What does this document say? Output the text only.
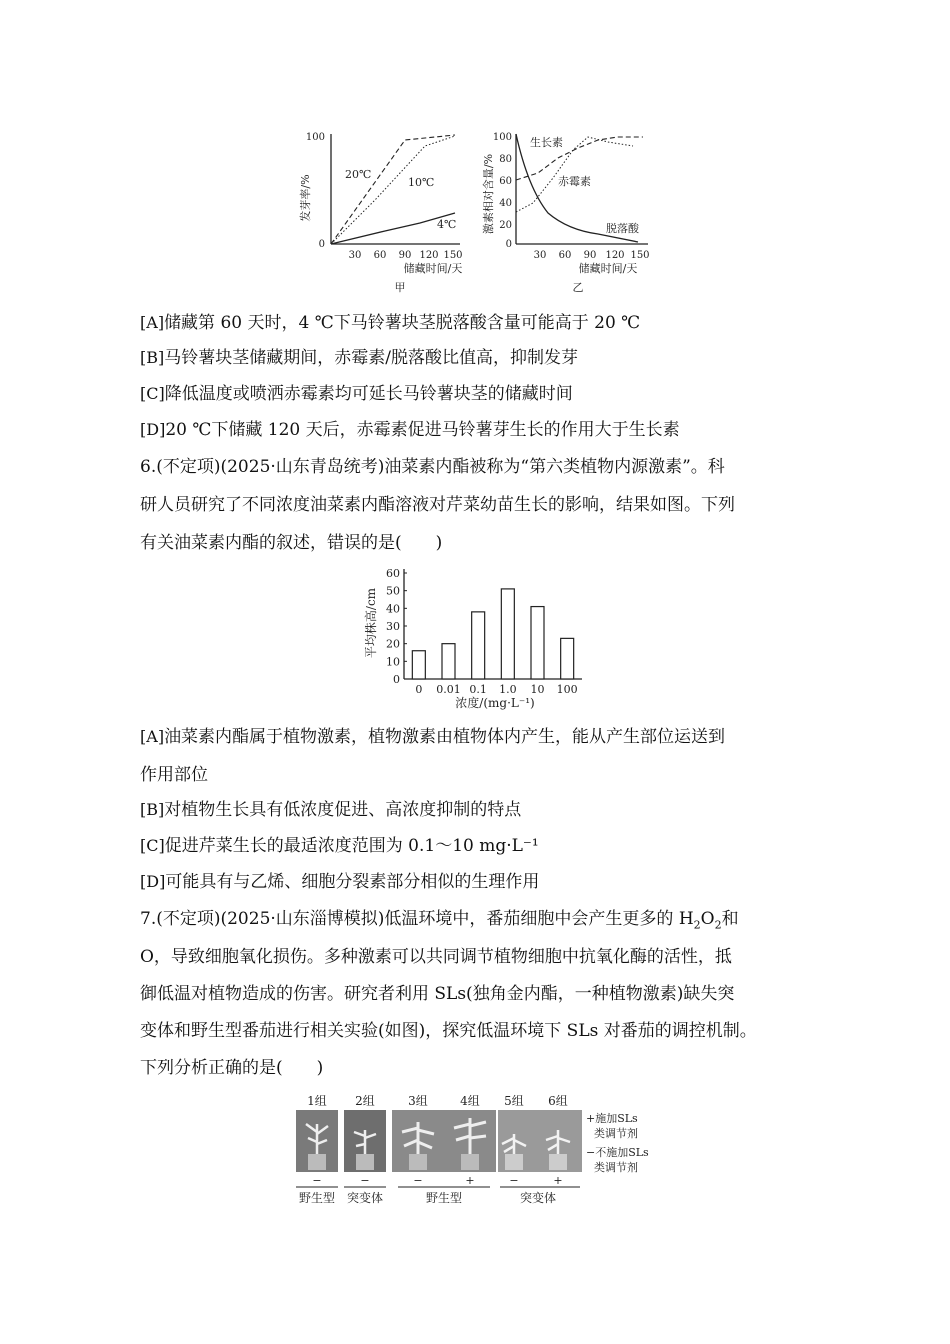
发芽率/%
100
0
30 60 90 120 150
储藏时间/天
甲
20℃
10℃
4℃ 激素相对含量/%
100
80
60
40
20
0
30 60 90 120 150
储藏时间/天
乙
生长素
赤霉素
脱落酸
[A]储藏第 60 天时，4 ℃下马铃薯块茎脱落酸含量可能高于 20 ℃
[B]马铃薯块茎储藏期间，赤霉素/脱落酸比值高，抑制发芽
[C]降低温度或喷洒赤霉素均可延长马铃薯块茎的储藏时间
[D]20 ℃下储藏 120 天后，赤霉素促进马铃薯芽生长的作用大于生长素
6.(不定项)(2025·山东青岛统考)油菜素内酯被称为“第六类植物内源激素”。科
研人员研究了不同浓度油菜素内酯溶液对芹菜幼苗生长的影响，结果如图。下列
有关油菜素内酯的叙述，错误的是(　　)
平均株高/cm
0
10
20
30
40
50
60
0 0.01 0.1 1.0 10 100
浓度/(mg·L⁻¹)
[A]油菜素内酯属于植物激素，植物激素由植物体内产生，能从产生部位运送到
作用部位
[B]对植物生长具有低浓度促进、高浓度抑制的特点
[C]促进芹菜生长的最适浓度范围为 0.1～10 mg·L⁻¹
[D]可能具有与乙烯、细胞分裂素部分相似的生理作用
7.(不定项)(2025·山东淄博模拟)低温环境中，番茄细胞中会产生更多的 $H_2O_2$和
O，导致细胞氧化损伤。多种激素可以共同调节植物细胞中抗氧化酶的活性，抵
御低温对植物造成的伤害。研究者利用 SLs(独角金内酯，一种植物激素)缺失突
变体和野生型番茄进行相关实验(如图)，探究低温环境下 SLs 对番茄的调控机制。
下列分析正确的是(　　)
1组 2组	3组	4组 5组 6组
−	−	−	+	−	+
野生型 突变体	野生型	突变体
+施加SLs
类调节剂
−不施加SLs
类调节剂
